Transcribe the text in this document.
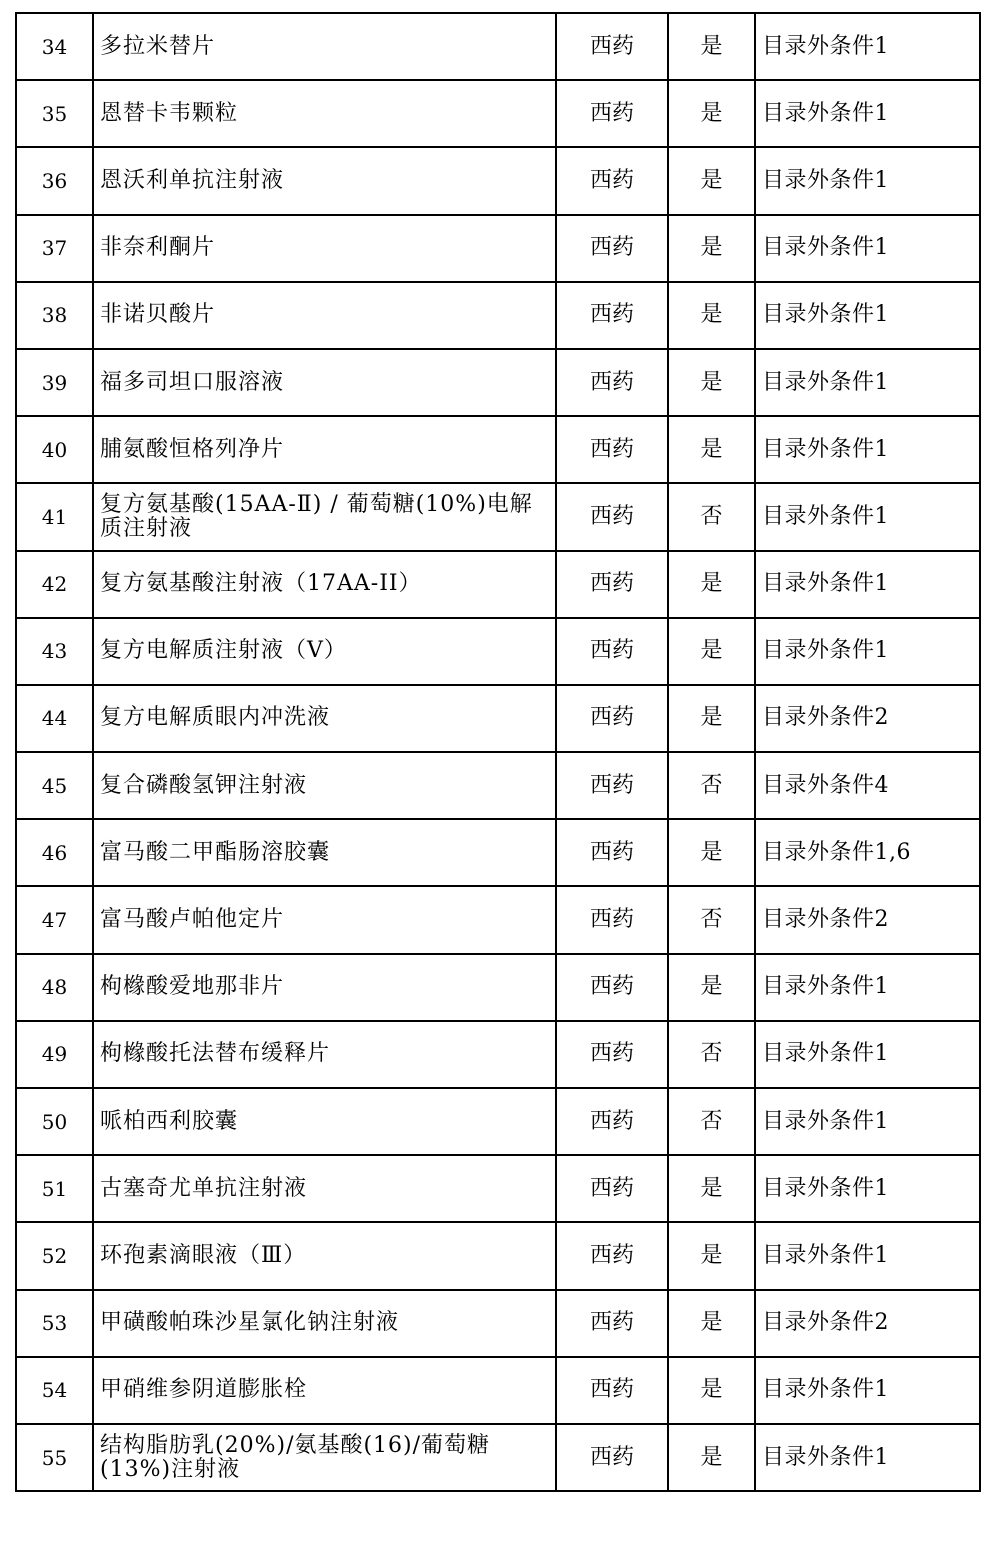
34	多拉米替片	西药	是	目录外条件1
35	恩替卡韦颗粒	西药	是	目录外条件1
36	恩沃利单抗注射液	西药	是	目录外条件1
37	非奈利酮片	西药	是	目录外条件1
38	非诺贝酸片	西药	是	目录外条件1
39	福多司坦口服溶液	西药	是	目录外条件1
40	脯氨酸恒格列净片	西药	是	目录外条件1
41	复方氨基酸(15AA-Ⅱ) / 葡萄糖(10%)电解质注射液	西药	否	目录外条件1
42	复方氨基酸注射液（17AA-II）	西药	是	目录外条件1
43	复方电解质注射液（Ⅴ）	西药	是	目录外条件1
44	复方电解质眼内冲洗液	西药	是	目录外条件2
45	复合磷酸氢钾注射液	西药	否	目录外条件4
46	富马酸二甲酯肠溶胶囊	西药	是	目录外条件1,6
47	富马酸卢帕他定片	西药	否	目录外条件2
48	枸橼酸爱地那非片	西药	是	目录外条件1
49	枸橼酸托法替布缓释片	西药	否	目录外条件1
50	哌柏西利胶囊	西药	否	目录外条件1
51	古塞奇尤单抗注射液	西药	是	目录外条件1
52	环孢素滴眼液（Ⅲ）	西药	是	目录外条件1
53	甲磺酸帕珠沙星氯化钠注射液	西药	是	目录外条件2
54	甲硝维参阴道膨胀栓	西药	是	目录外条件1
55	结构脂肪乳(20%)/氨基酸(16)/葡萄糖(13%)注射液	西药	是	目录外条件1
